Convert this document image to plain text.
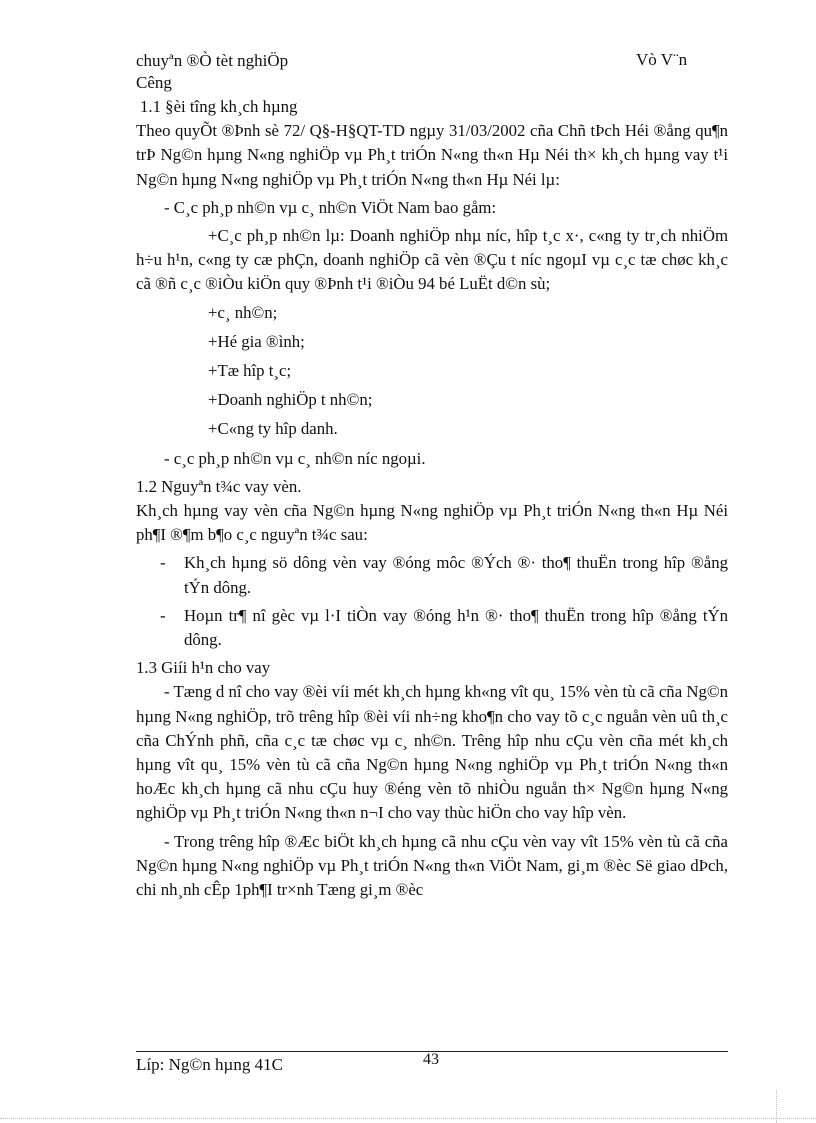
chuyªn ®Ò tèt nghiÖp
Cêng
Vò V¨n

1.1 §èi tîng kh¸ch hµng

Theo quyÕt ®Þnh sè 72/ Q§-H§QT-TD ngµy 31/03/2002 cña Chñ tÞch Héi ®ång qu¶n trÞ Ng©n hµng N«ng nghiÖp vµ Ph¸t triÓn N«ng th«n Hµ Néi th× kh¸ch hµng vay t¹i Ng©n hµng N«ng nghiÖp vµ Ph¸t triÓn N«ng th«n Hµ Néi lµ:

- C¸c ph¸p nh©n vµ c¸ nh©n ViÖt Nam bao gåm:

+C¸c ph¸p nh©n lµ: Doanh nghiÖp nhµ níc, hîp t¸c x·, c«ng ty tr¸ch nhiÖm h÷u h¹n, c«ng ty cæ phÇn, doanh nghiÖp cã vèn ®Çu t níc ngoµI vµ c¸c tæ chøc kh¸c cã ®ñ c¸c ®iÒu kiÖn quy ®Þnh t¹i ®iÒu 94 bé LuËt d©n sù;

+c¸ nh©n;

+Hé gia ®ình;

+Tæ hîp t¸c;

+Doanh nghiÖp t nh©n;

+C«ng ty hîp danh.

- c¸c ph¸p nh©n vµ c¸ nh©n níc ngoµi.

1.2 Nguyªn t¾c vay vèn.

Kh¸ch hµng vay vèn cña Ng©n hµng N«ng nghiÖp vµ Ph¸t triÓn N«ng th«n Hµ Néi ph¶I ®¶m b¶o c¸c nguyªn t¾c sau:

-	Kh¸ch hµng sö dông vèn vay ®óng môc ®Ých ®· tho¶ thuËn trong hîp ®ång tÝn dông.
-	Hoµn tr¶ nî gèc vµ l·I tiÒn vay ®óng h¹n ®· tho¶ thuËn trong hîp ®ång tÝn dông.

1.3 Giíi h¹n cho vay

- Tæng d nî cho vay ®èi víi mét kh¸ch hµng kh«ng vît qu¸ 15% vèn tù cã cña Ng©n hµng N«ng nghiÖp, trõ trêng hîp ®èi víi nh÷ng kho¶n cho vay tõ c¸c nguån vèn uû th¸c cña ChÝnh phñ, cña c¸c tæ chøc vµ c¸ nh©n. Trêng hîp nhu cÇu vèn cña mét kh¸ch hµng vît qu¸ 15% vèn tù cã cña Ng©n hµng N«ng nghiÖp vµ Ph¸t triÓn N«ng th«n hoÆc kh¸ch hµng cã nhu cÇu huy ®éng vèn tõ nhiÒu nguån th× Ng©n hµng N«ng nghiÖp vµ Ph¸t triÓn N«ng th«n n¬I cho vay thùc hiÖn cho vay hîp vèn.

- Trong trêng hîp ®Æc biÖt kh¸ch hµng cã nhu cÇu vèn vay vît 15% vèn tù cã cña Ng©n hµng N«ng nghiÖp vµ Ph¸t triÓn N«ng th«n ViÖt Nam, gi¸m ®èc Së giao dÞch, chi nh¸nh cÊp 1ph¶I tr×nh Tæng gi¸m ®èc

Líp: Ng©n hµng 41C	43
